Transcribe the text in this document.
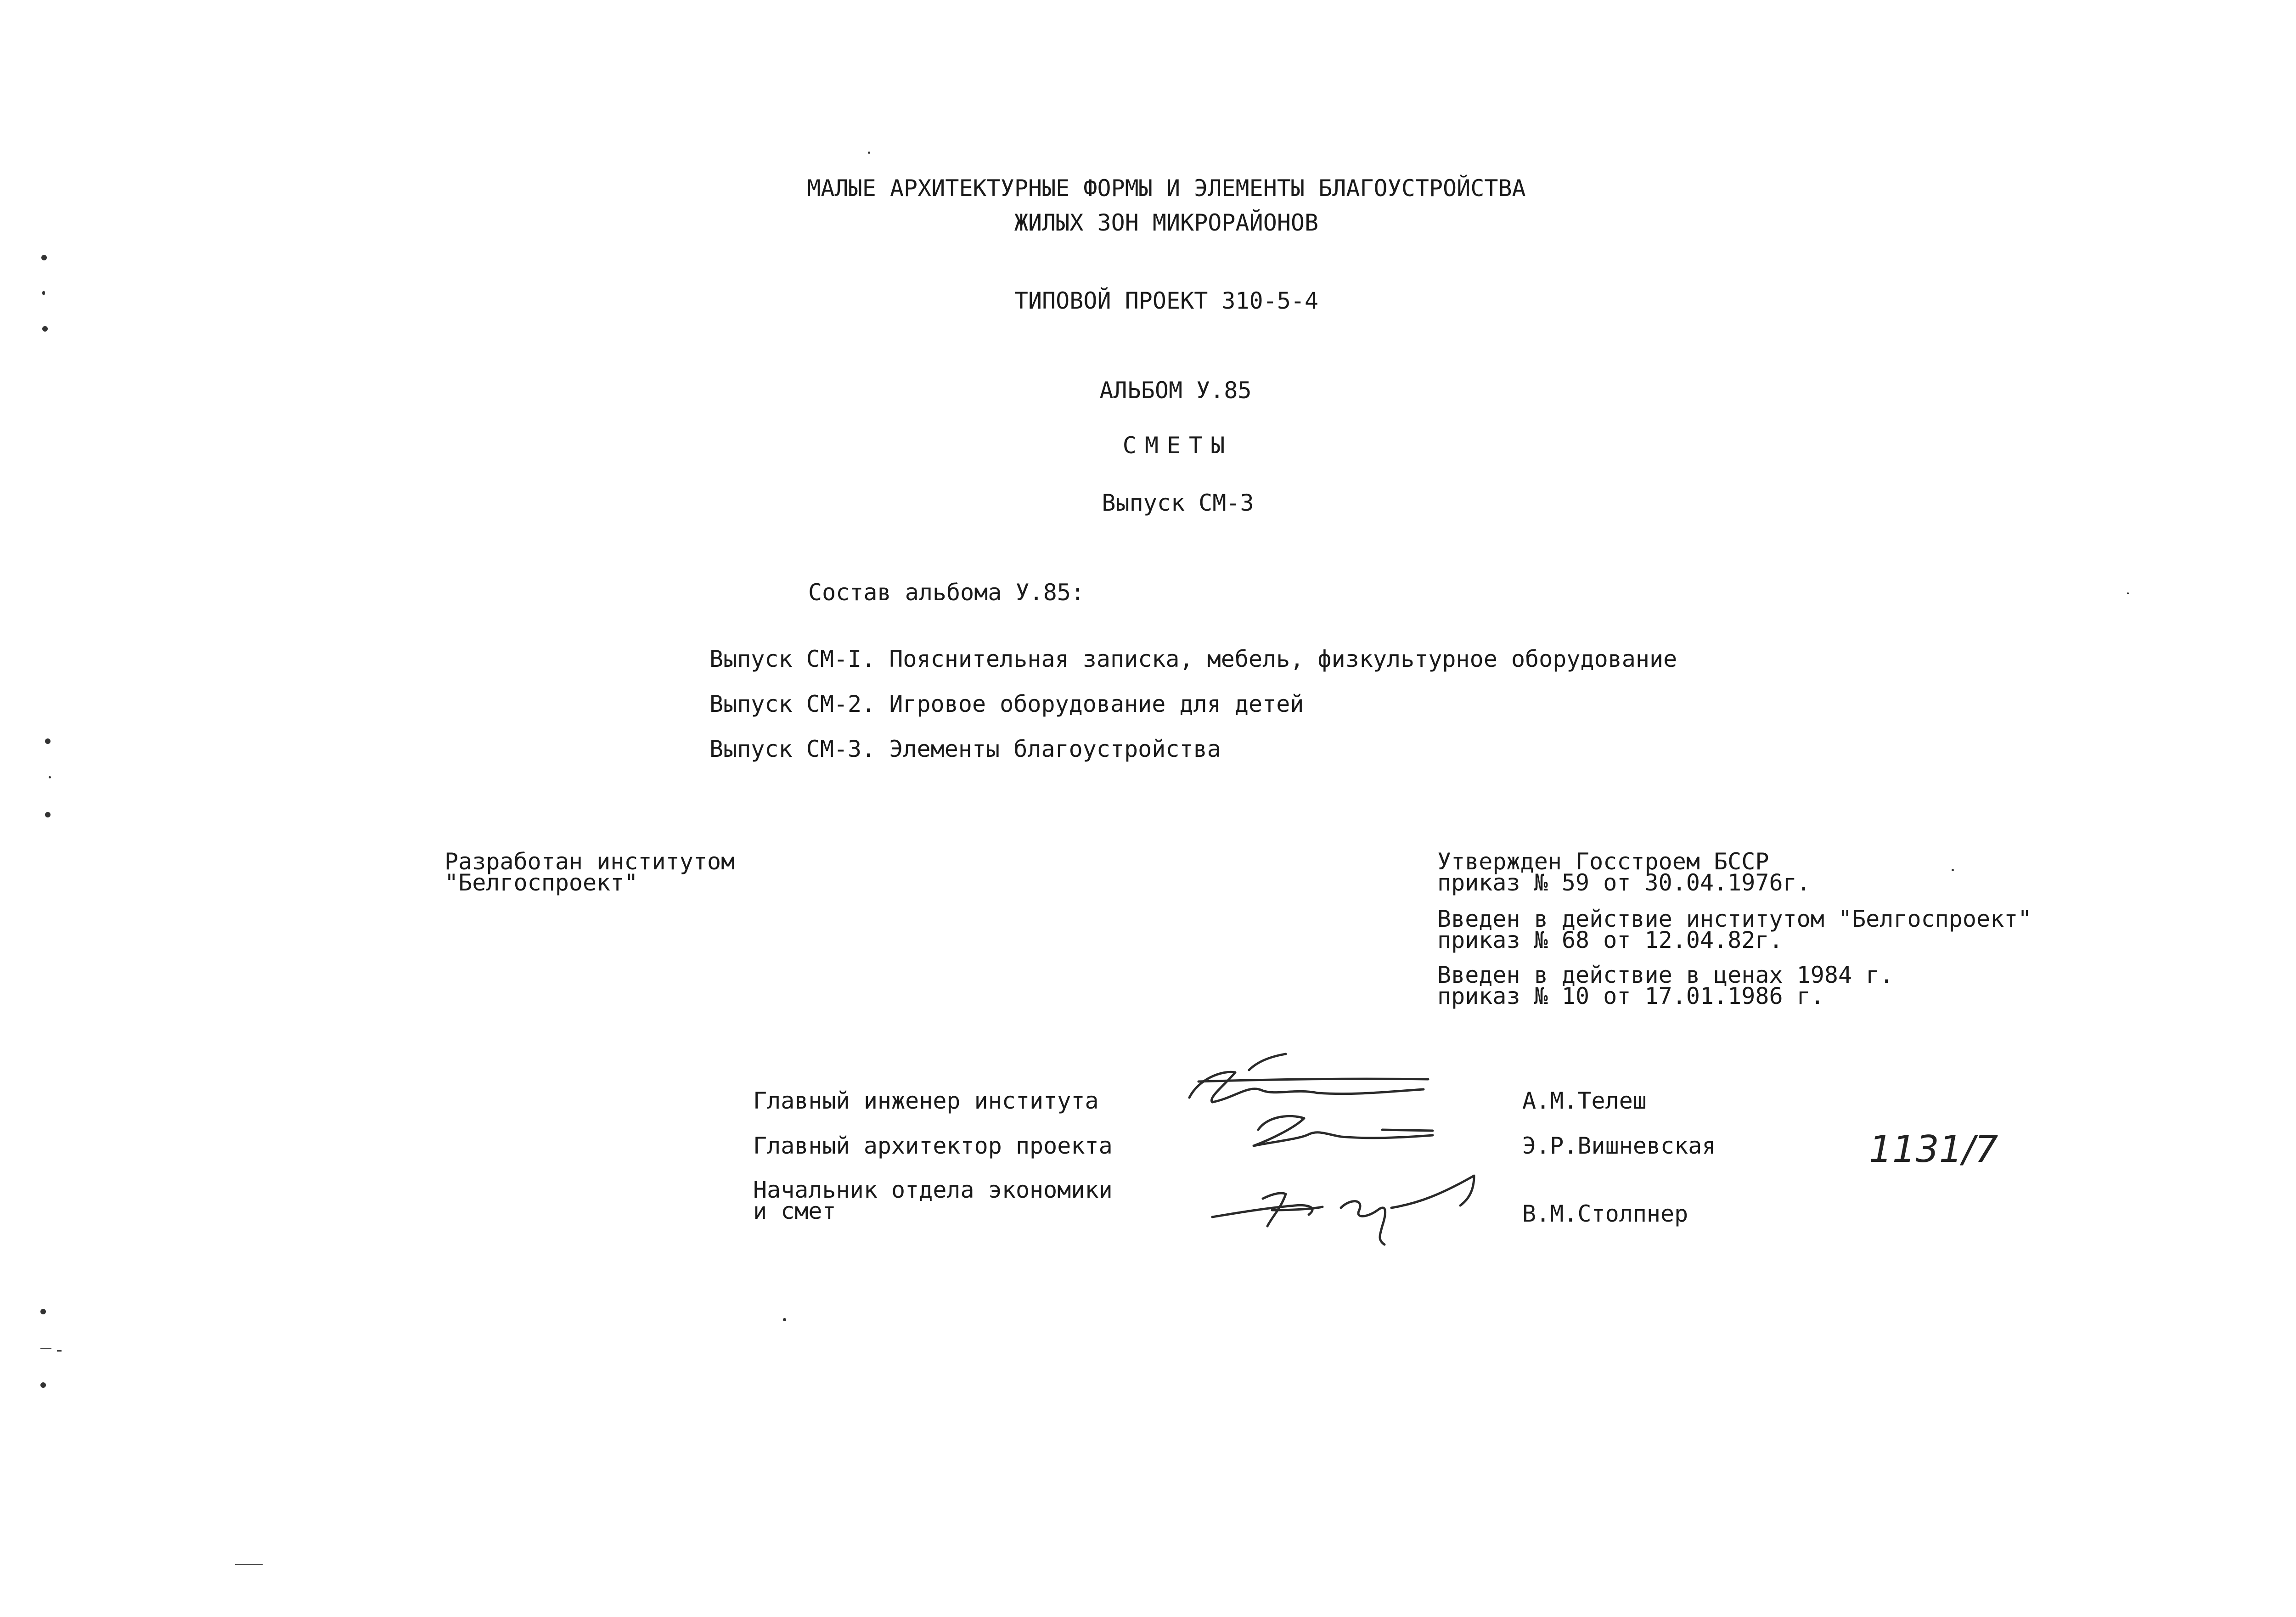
МАЛЫЕ АРХИТЕКТУРНЫЕ ФОРМЫ И ЭЛЕМЕНТЫ БЛАГОУСТРОЙСТВА
ЖИЛЫХ ЗОН МИКРОРАЙОНОВ
ТИПОВОЙ ПРОЕКТ 310-5-4
АЛЬБОМ У.85
СМЕТЫ
Выпуск СМ-3
Состав альбома У.85:
Выпуск СМ-I. Пояснительная записка, мебель, физкультурное оборудование
Выпуск СМ-2. Игровое оборудование для детей
Выпуск СМ-3. Элементы благоустройства
Разработан институтом
"Белгоспроект"
Утвержден Госстроем БССР
приказ № 59 от 30.04.1976г.
Введен в действие институтом "Белгоспроект"
приказ № 68 от 12.04.82г.
Введен в действие в ценах 1984 г.
приказ № 10 от 17.01.1986 г.
Главный инженер института
Главный архитектор проекта
Начальник отдела экономики
и смет
А.М.Телеш
Э.Р.Вишневская
В.М.Столпнер
1131/7
